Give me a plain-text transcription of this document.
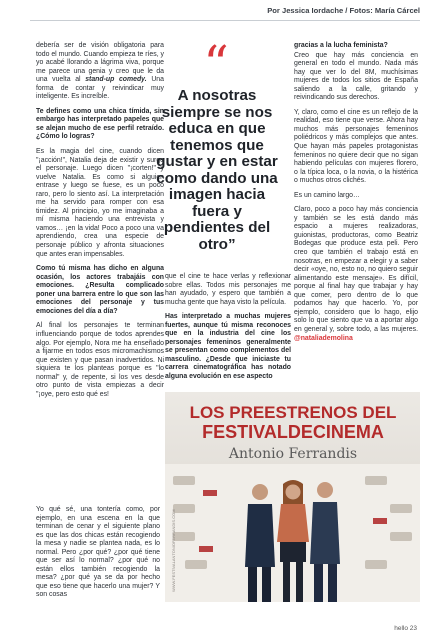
Por Jessica Iordache / Fotos: María Cárcel

debería ser de visión obligatoria para todo el mundo. Cuando empieza te ríes, y yo acabé llorando a lágrima viva, porque me parece una genia y creo que le da una vuelta al stand-up comedy. Una forma de contar y reivindicar muy inteligente. Es increíble.

Te defines como una chica tímida, sin embargo has interpretado papeles que se alejan mucho de ese perfil retraído. ¿Cómo lo logras?

Es la magia del cine, cuando dicen "¡acción!", Natalia deja de existir y surge el personaje. Luego dicen "¡corten!" y vuelve Natalia. Es como si alguien entrase y luego se fuese, es un poco raro, pero lo siento así. La interpretación me ha servido para romper con esa timidez. Al principio, yo me imaginaba a mí misma haciendo una entrevista y vamos… ¡en la vida! Poco a poco una va aprendiendo, crea una especie de personaje público y afronta situaciones que antes eran impensables.

Como tú misma has dicho en alguna ocasión, los actores trabajáis con emociones. ¿Resulta complicado poner una barrera entre lo que son las emociones del personaje y tus emociones del día a día?

Al final los personajes te terminan influenciando porque de todos aprendes algo. Por ejemplo, Nora me ha enseñado a fijarme en todos esos micromachismos que existen y que pasan inadvertidos. Ni siquiera te los planteas porque es "lo normal" y, de repente, si los ves desde otro punto de vista empiezas a decir "¡oye, pero esto qué es!

Yo qué sé, una tontería como, por ejemplo, en una escena en la que terminan de cenar y el siguiente plano es que las dos chicas están recogiendo la mesa y nadie se plantea nada, es lo normal. Pero ¿por qué? ¿por qué tiene que ser así lo normal? ¿por qué no están ellos también recogiendo la mesa? ¿por qué ya se da por hecho que eso tiene que hacerlo una mujer? Y son cosas

“
A nosotras siempre se nos educa en que tenemos que gustar y en estar como dando una imagen hacia fuera y pendientes del otro”

que el cine te hace verlas y reflexionar sobre ellas. Todos mis personajes me han ayudado, y espero que también a mucha gente que haya visto la película.

Has interpretado a muchas mujeres fuertes, aunque tú misma reconoces que en la industria del cine los personajes femeninos generalmente se presentan como complementos del masculino. ¿Desde que iniciaste tu carrera cinematográfica has notado alguna evolución en ese aspecto

gracias a la lucha feminista?

Creo que hay más conciencia en general en todo el mundo. Nada más hay que ver lo del 8M, muchísimas mujeres de todos los sitios de España saliendo a la calle, gritando y reivindicando sus derechos.

Y, claro, como el cine es un reflejo de la realidad, eso tiene que verse. Ahora hay muchos más personajes femeninos poliédricos y más complejos que antes. Que hayan más papeles protagonistas femeninos no quiere decir que no sigan habiendo películas con mujeres florero, o la típica loca, o la novia, o la histérica o muchos otros clichés.

Es un camino largo…

Claro, poco a poco hay más conciencia y también se les está dando más espacio a mujeres realizadoras, guionistas, productoras, como Beatriz Bodegas que produce esta peli. Pero creo que también el trabajo está en nosotras, en empezar a elegir y a saber decir «oye, no, esto no, no quiero seguir alimentando este mensaje». Es difícil, porque al final hay que trabajar y hay que comer, pero dentro de lo que podamos hay que hacerlo. Yo, por ejemplo, considero que lo hago, elijo solo lo que siento que va a aportar algo en general y, sobre todo, a las mujeres. @nataliademolina

LOS PREESTRENOS DEL
FESTIVALDECINEMA
Antonio Ferrandis
WWW.FESTIVALANTONIOFERRANDIS.COM
hello 23
